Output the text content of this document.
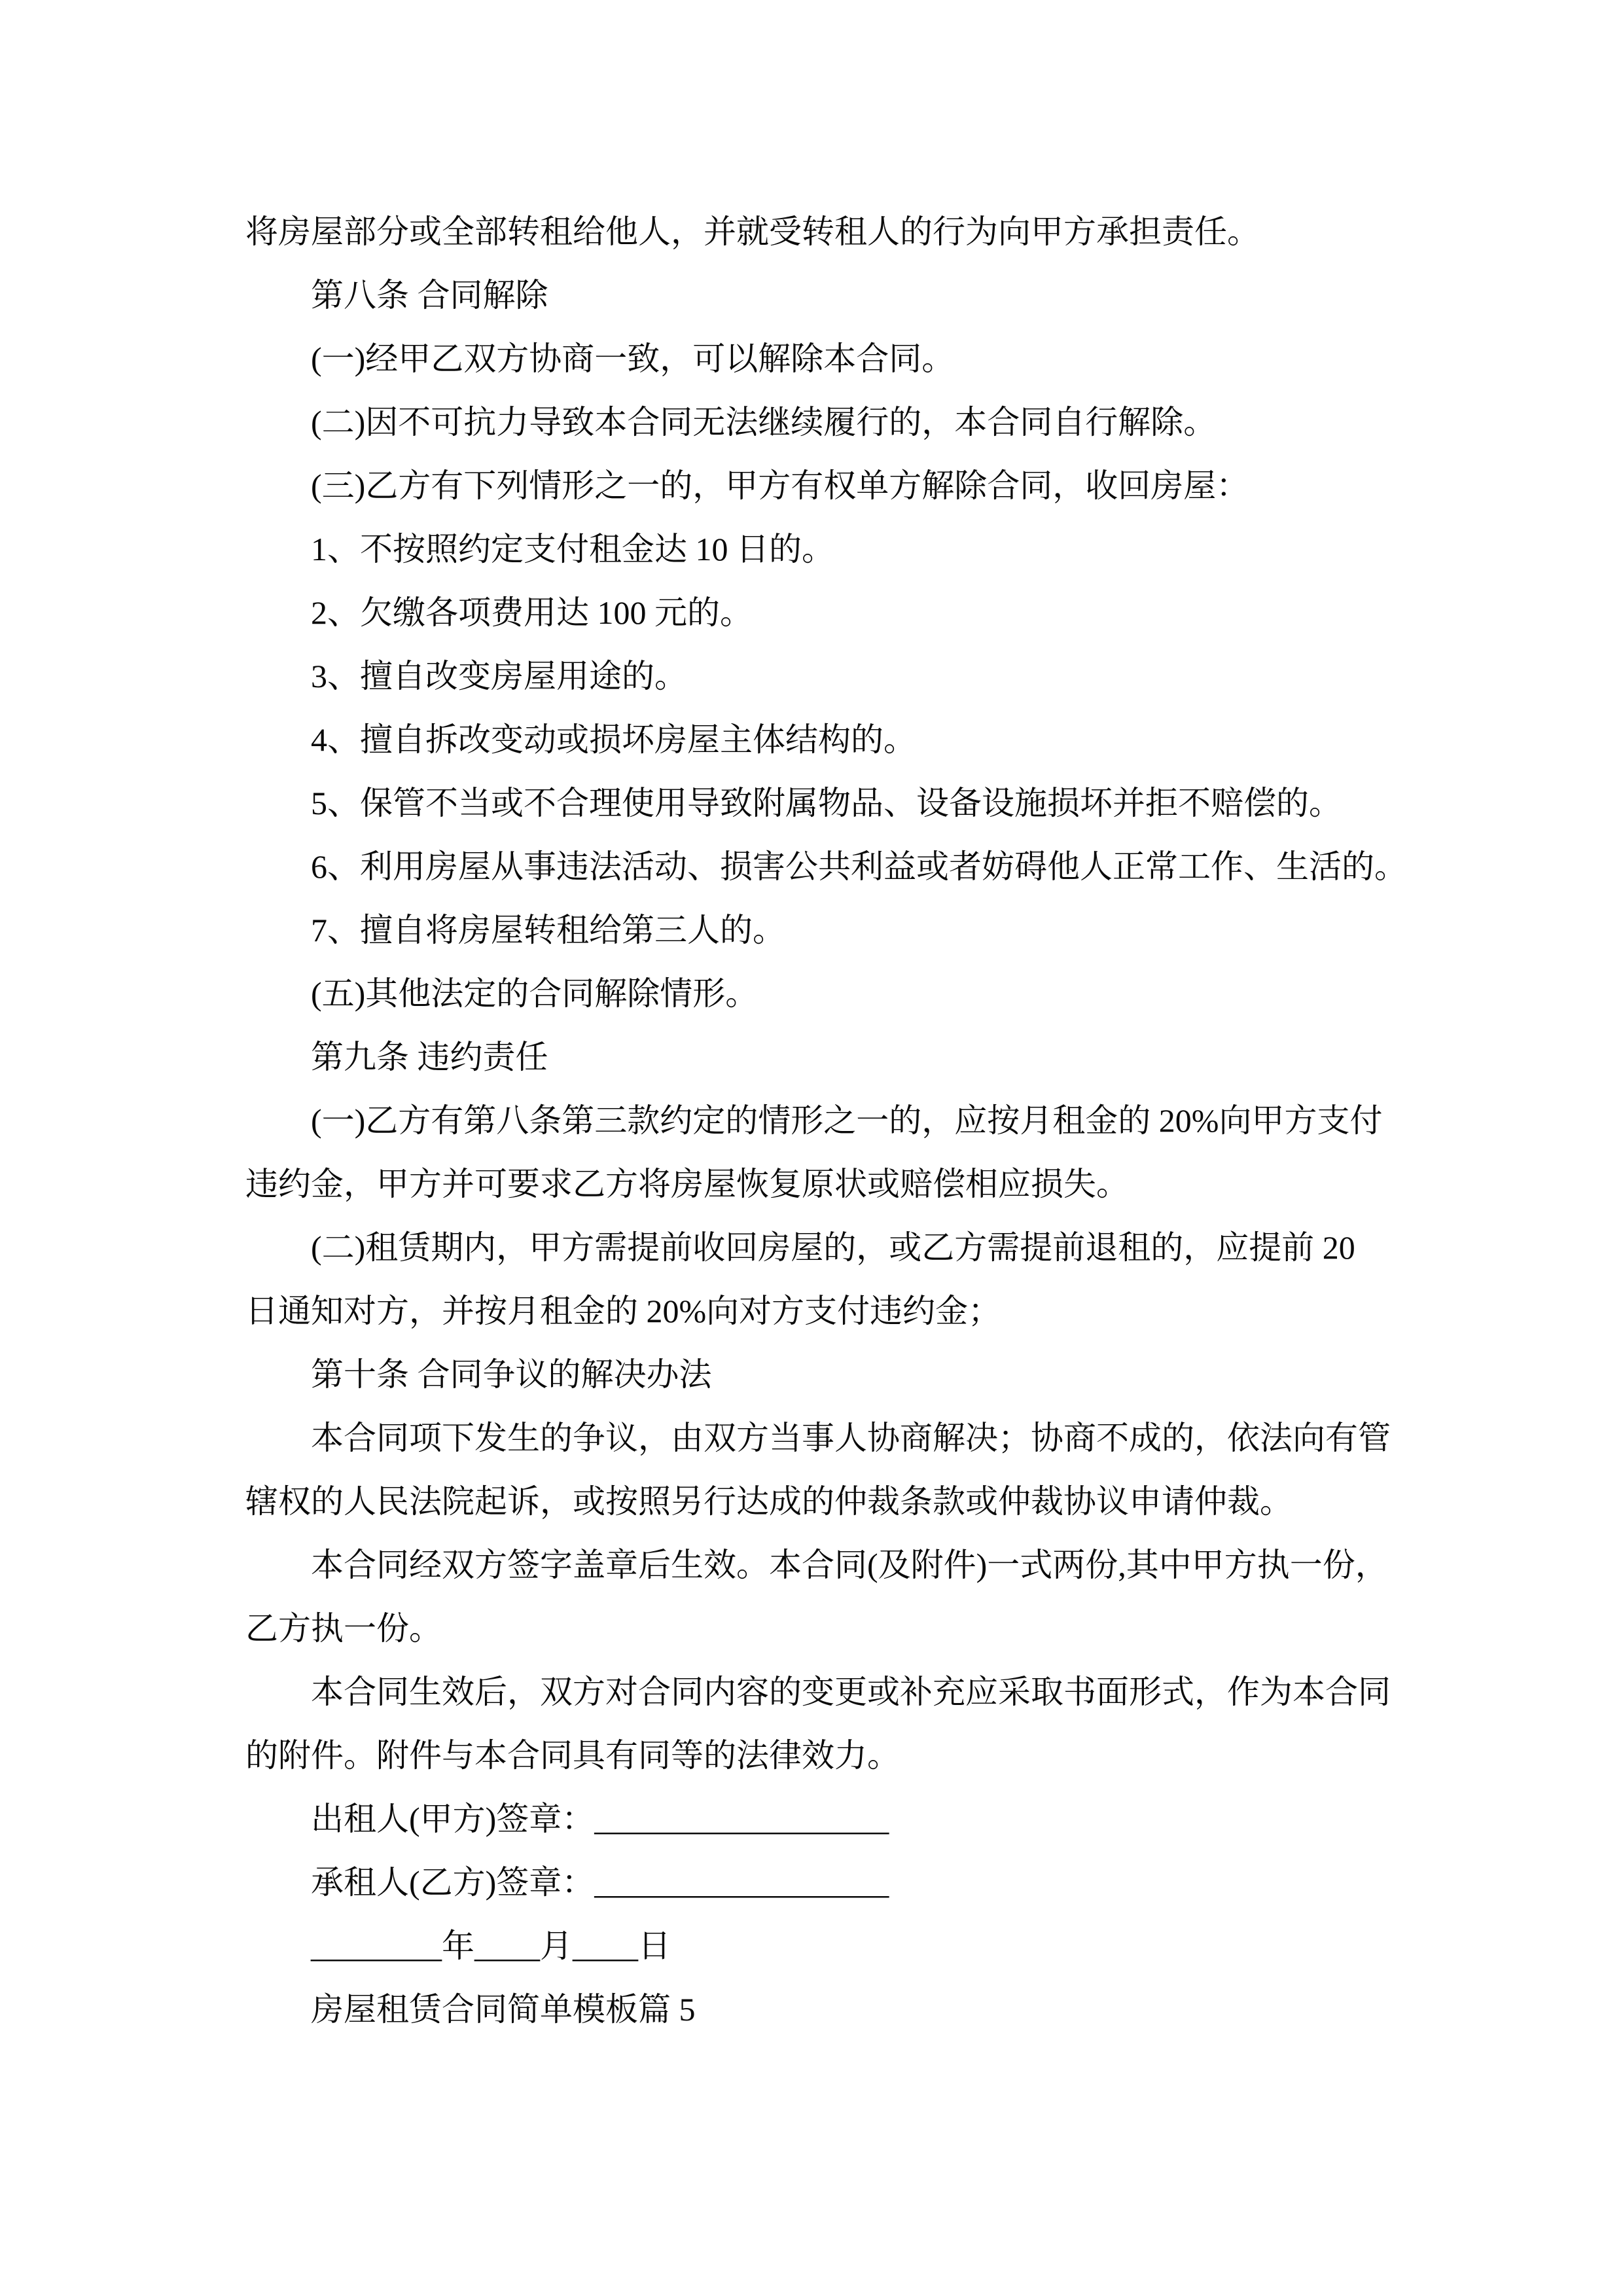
将房屋部分或全部转租给他人，并就受转租人的行为向甲方承担责任。

第八条 合同解除

(一)经甲乙双方协商一致，可以解除本合同。

(二)因不可抗力导致本合同无法继续履行的，本合同自行解除。

(三)乙方有下列情形之一的，甲方有权单方解除合同，收回房屋：

1、不按照约定支付租金达 10 日的。

2、欠缴各项费用达 100 元的。

3、擅自改变房屋用途的。

4、擅自拆改变动或损坏房屋主体结构的。

5、保管不当或不合理使用导致附属物品、设备设施损坏并拒不赔偿的。

6、利用房屋从事违法活动、损害公共利益或者妨碍他人正常工作、生活的。

7、擅自将房屋转租给第三人的。

(五)其他法定的合同解除情形。

第九条 违约责任

(一)乙方有第八条第三款约定的情形之一的，应按月租金的 20%向甲方支付

违约金，甲方并可要求乙方将房屋恢复原状或赔偿相应损失。

(二)租赁期内，甲方需提前收回房屋的，或乙方需提前退租的，应提前 20

日通知对方，并按月租金的 20%向对方支付违约金；

第十条 合同争议的解决办法

本合同项下发生的争议，由双方当事人协商解决；协商不成的，依法向有管

辖权的人民法院起诉，或按照另行达成的仲裁条款或仲裁协议申请仲裁。

本合同经双方签字盖章后生效。本合同(及附件)一式两份,其中甲方执一份，

乙方执一份。

本合同生效后，双方对合同内容的变更或补充应采取书面形式，作为本合同

的附件。附件与本合同具有同等的法律效力。

出租人(甲方)签章：__________________

承租人(乙方)签章：__________________

________年____月____日

房屋租赁合同简单模板篇 5
